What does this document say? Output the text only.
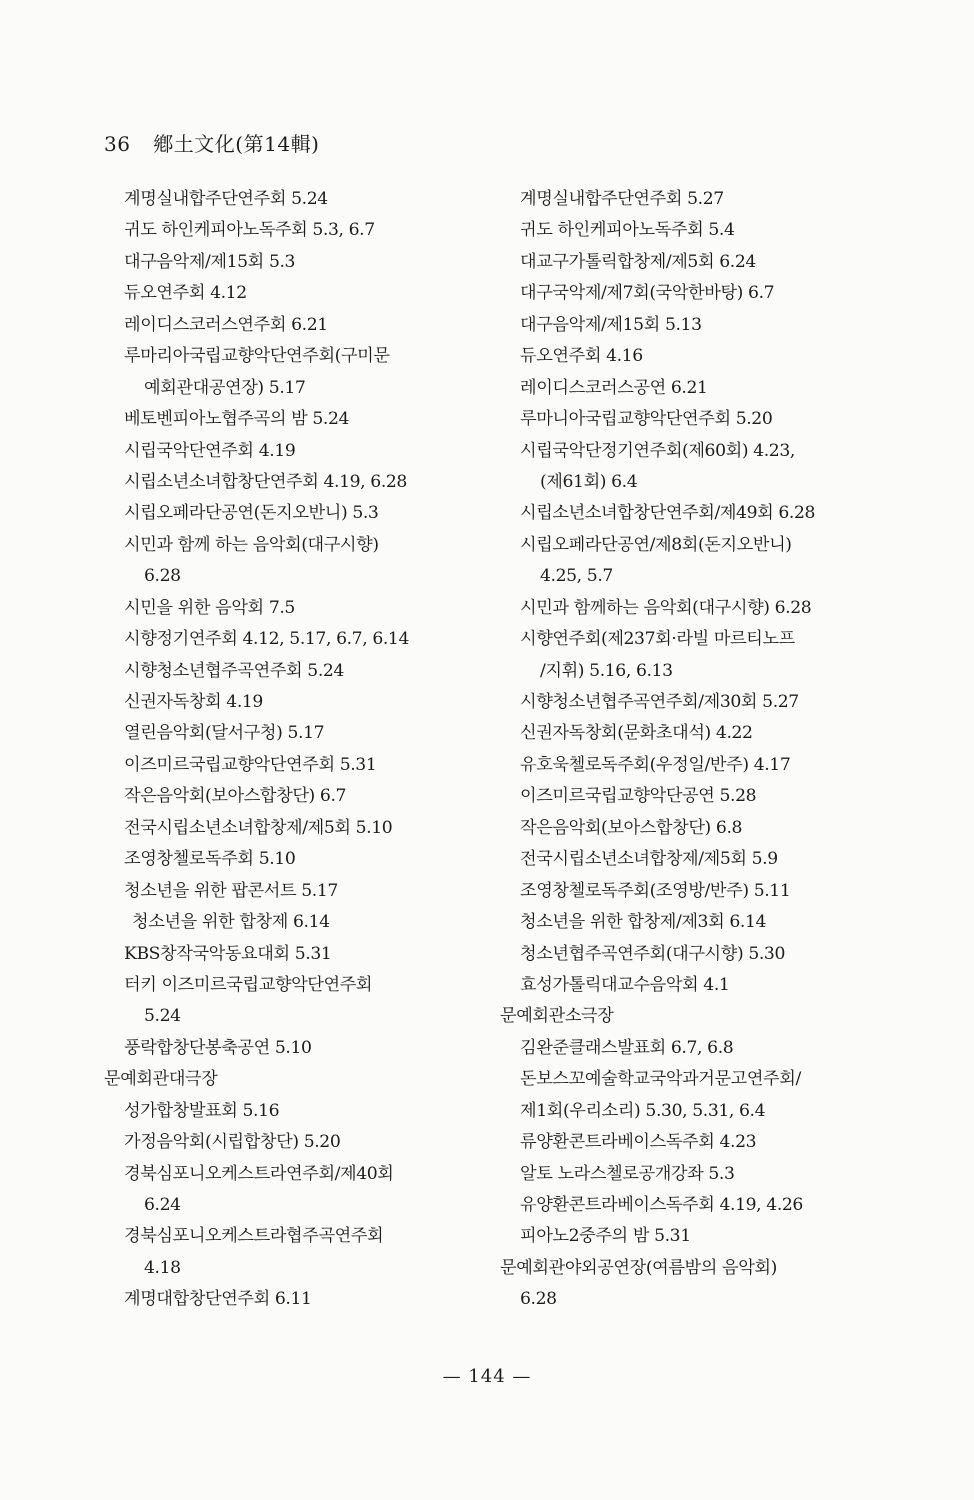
36 鄕土文化(第14輯)
계명실내합주단연주회 5.24
귀도 하인케피아노독주회 5.3, 6.7
대구음악제/제15회 5.3
듀오연주회 4.12
레이디스코러스연주회 6.21
루마리아국립교향악단연주회(구미문
예회관대공연장) 5.17
베토벤피아노협주곡의 밤 5.24
시립국악단연주회 4.19
시립소년소녀합창단연주회 4.19, 6.28
시립오페라단공연(돈지오반니) 5.3
시민과 함께 하는 음악회(대구시향)
6.28
시민을 위한 음악회 7.5
시향정기연주회 4.12, 5.17, 6.7, 6.14
시향청소년협주곡연주회 5.24
신권자독창회 4.19
열린음악회(달서구청) 5.17
이즈미르국립교향악단연주회 5.31
작은음악회(보아스합창단) 6.7
전국시립소년소녀합창제/제5회 5.10
조영창첼로독주회 5.10
청소년을 위한 팝콘서트 5.17
청소년을 위한 합창제 6.14
KBS창작국악동요대회 5.31
터키 이즈미르국립교향악단연주회
5.24
풍락합창단봉축공연 5.10
문예회관대극장
성가합창발표회 5.16
가정음악회(시립합창단) 5.20
경북심포니오케스트라연주회/제40회
6.24
경북심포니오케스트라협주곡연주회
4.18
계명대합창단연주회 6.11
계명실내합주단연주회 5.27
귀도 하인케피아노독주회 5.4
대교구가톨릭합창제/제5회 6.24
대구국악제/제7회(국악한바탕) 6.7
대구음악제/제15회 5.13
듀오연주회 4.16
레이디스코러스공연 6.21
루마니아국립교향악단연주회 5.20
시립국악단정기연주회(제60회) 4.23,
(제61회) 6.4
시립소년소녀합창단연주회/제49회 6.28
시립오페라단공연/제8회(돈지오반니)
4.25, 5.7
시민과 함께하는 음악회(대구시향) 6.28
시향연주회(제237회·라빌 마르티노프
/지휘) 5.16, 6.13
시향청소년협주곡연주회/제30회 5.27
신권자독창회(문화초대석) 4.22
유호욱첼로독주회(우정일/반주) 4.17
이즈미르국립교향악단공연 5.28
작은음악회(보아스합창단) 6.8
전국시립소년소녀합창제/제5회 5.9
조영창첼로독주회(조영방/반주) 5.11
청소년을 위한 합창제/제3회 6.14
청소년협주곡연주회(대구시향) 5.30
효성가톨릭대교수음악회 4.1
문예회관소극장
김완준클래스발표회 6.7, 6.8
돈보스꼬예술학교국악과거문고연주회/
제1회(우리소리) 5.30, 5.31, 6.4
류양환콘트라베이스독주회 4.23
알토 노라스첼로공개강좌 5.3
유양환콘트라베이스독주회 4.19, 4.26
피아노2중주의 밤 5.31
문예회관야외공연장(여름밤의 음악회)
6.28
— 144 —
